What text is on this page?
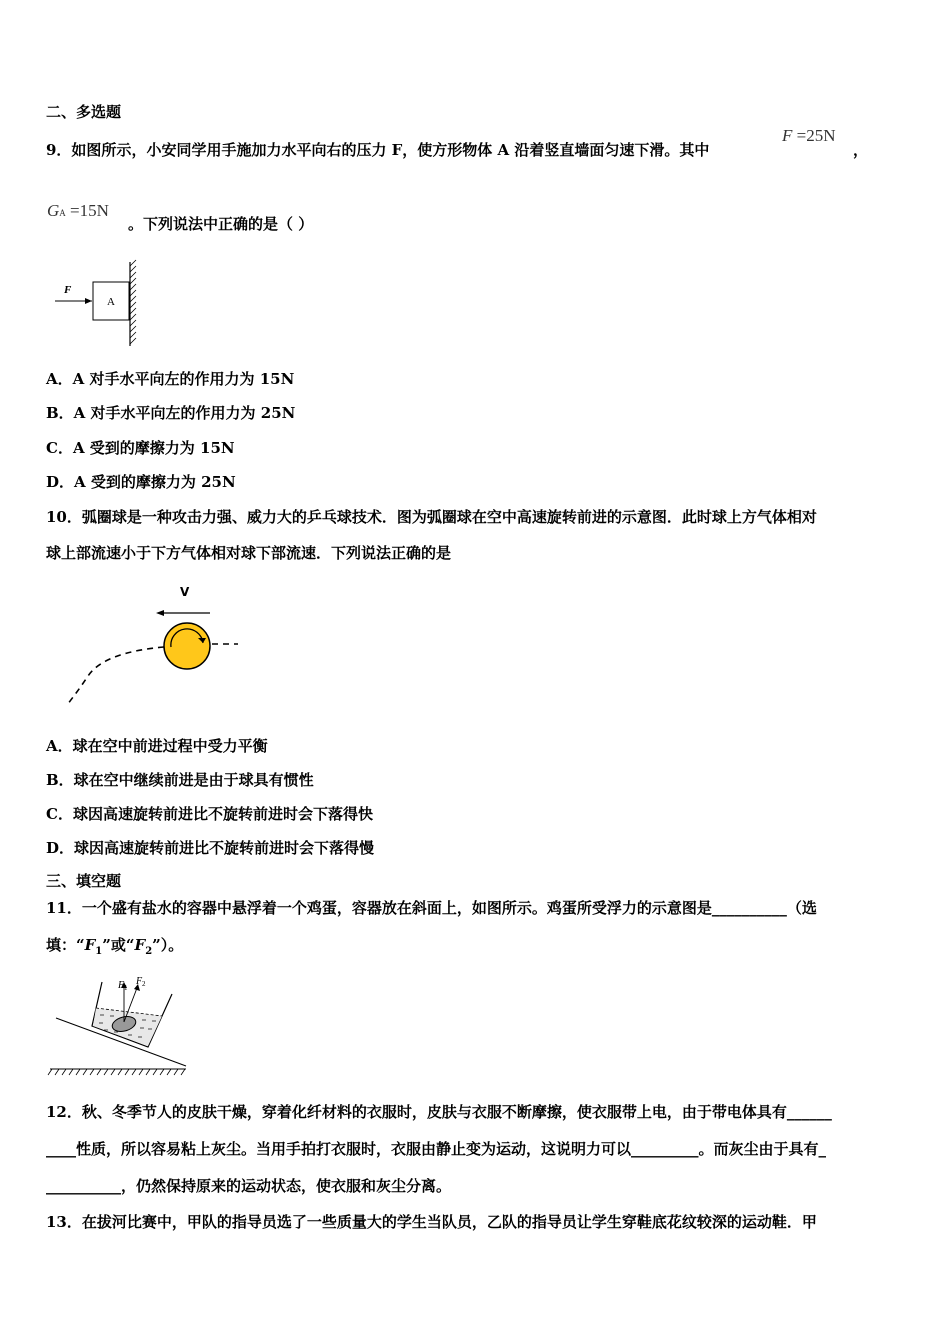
二、多选题
9．如图所示，小安同学用手施加力水平向右的压力 F，使方形物体 A 沿着竖直墙面匀速下滑。其中
F =25N
，
GA =15N
。下列说法中正确的是（ ）
F
A
A．A 对手水平向左的作用力为 15N
B．A 对手水平向左的作用力为 25N
C．A 受到的摩擦力为 15N
D．A 受到的摩擦力为 25N
10．弧圈球是一种攻击力强、威力大的乒乓球技术．图为弧圈球在空中高速旋转前进的示意图．此时球上方气体相对
球上部流速小于下方气体相对球下部流速．下列说法正确的是
V
A．球在空中前进过程中受力平衡
B．球在空中继续前进是由于球具有惯性
C．球因高速旋转前进比不旋转前进时会下落得快
D．球因高速旋转前进比不旋转前进时会下落得慢
三、填空题
11．一个盛有盐水的容器中悬浮着一个鸡蛋，容器放在斜面上，如图所示。鸡蛋所受浮力的示意图是__________（选
填：“$F_1$”或“$F_2$”）。
F 1
F 2
12．秋、冬季节人的皮肤干燥，穿着化纤材料的衣服时，皮肤与衣服不断摩擦，使衣服带上电，由于带电体具有______
____性质，所以容易粘上灰尘。当用手拍打衣服时，衣服由静止变为运动，这说明力可以_________。而灰尘由于具有_
__________，仍然保持原来的运动状态，使衣服和灰尘分离。
13．在拔河比赛中，甲队的指导员选了一些质量大的学生当队员，乙队的指导员让学生穿鞋底花纹较深的运动鞋．甲
